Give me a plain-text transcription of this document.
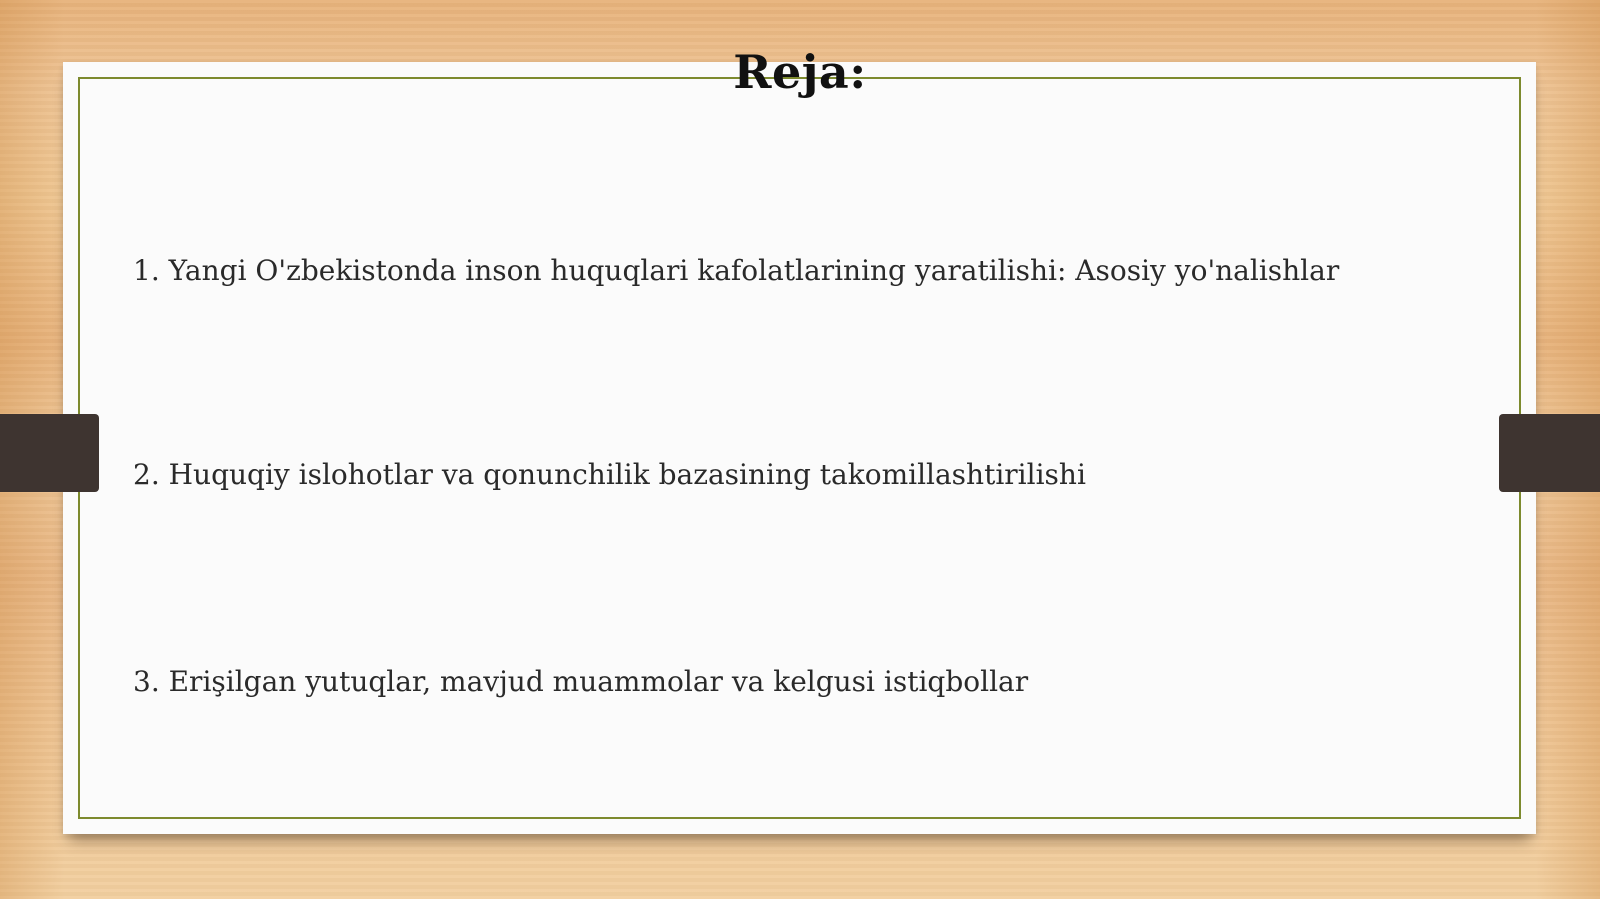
Reja:
1. Yangi O'zbekistonda inson huquqlari kafolatlarining yaratilishi: Asosiy yo'nalishlar
2. Huquqiy islohotlar va qonunchilik bazasining takomillashtirilishi
3. Erişilgan yutuqlar, mavjud muammolar va kelgusi istiqbollar
